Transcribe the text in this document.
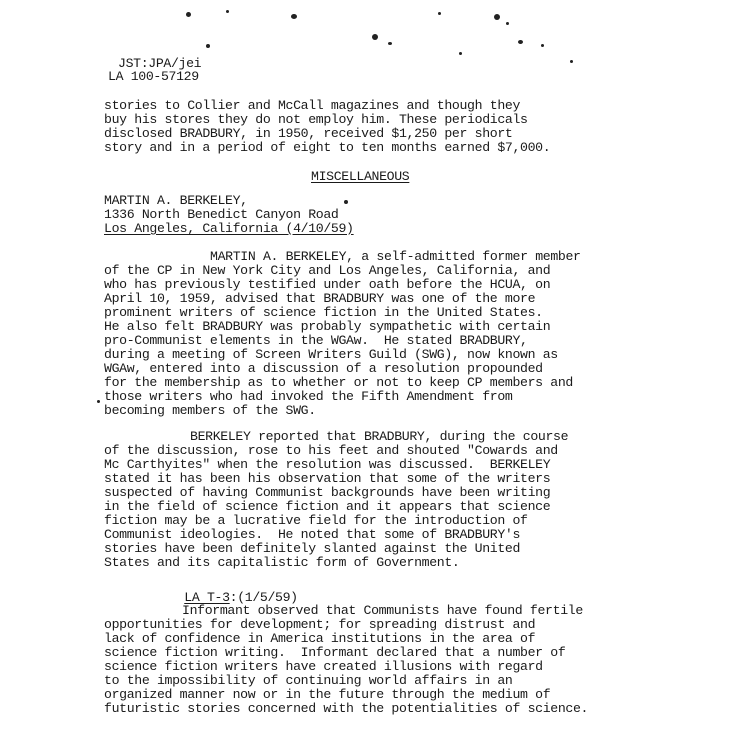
JST:JPA/jei
LA 100-57129
stories to Collier and McCall magazines and though they
buy his stores they do not employ him. These periodicals
disclosed BRADBURY, in 1950, received $1,250 per short
story and in a period of eight to ten months earned $7,000.
MISCELLANEOUS
MARTIN A. BERKELEY,
1336 North Benedict Canyon Road
Los Angeles, California (4/10/59)
MARTIN A. BERKELEY, a self-admitted former member
of the CP in New York City and Los Angeles, California, and
who has previously testified under oath before the HCUA, on
April 10, 1959, advised that BRADBURY was one of the more
prominent writers of science fiction in the United States.
He also felt BRADBURY was probably sympathetic with certain
pro-Communist elements in the WGAw.  He stated BRADBURY,
during a meeting of Screen Writers Guild (SWG), now known as
WGAw, entered into a discussion of a resolution propounded
for the membership as to whether or not to keep CP members and
those writers who had invoked the Fifth Amendment from
becoming members of the SWG.
BERKELEY reported that BRADBURY, during the course
of the discussion, rose to his feet and shouted "Cowards and
Mc Carthyites" when the resolution was discussed.  BERKELEY
stated it has been his observation that some of the writers
suspected of having Communist backgrounds have been writing
in the field of science fiction and it appears that science
fiction may be a lucrative field for the introduction of
Communist ideologies.  He noted that some of BRADBURY's
stories have been definitely slanted against the United
States and its capitalistic form of Government.

LA T-3:(1/5/59)

Informant observed that Communists have found fertile
opportunities for development; for spreading distrust and
lack of confidence in America institutions in the area of
science fiction writing.  Informant declared that a number of
science fiction writers have created illusions with regard
to the impossibility of continuing world affairs in an
organized manner now or in the future through the medium of
futuristic stories concerned with the potentialities of science.
